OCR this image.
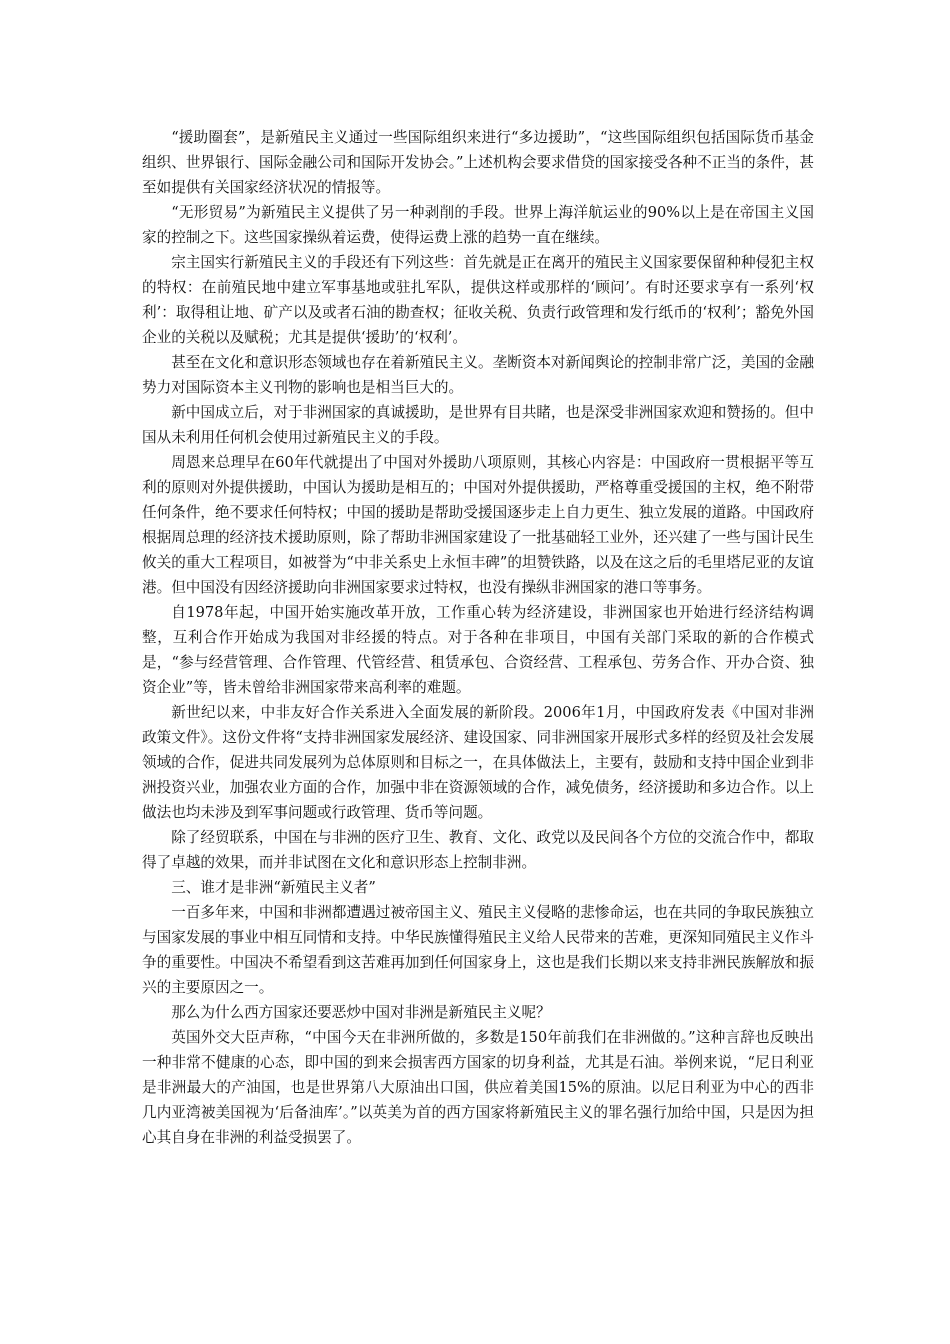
“援助圈套”，是新殖民主义通过一些国际组织来进行“多边援助”，“这些国际组织包括国际货币基金组织、世界银行、国际金融公司和国际开发协会。”上述机构会要求借贷的国家接受各种不正当的条件，甚至如提供有关国家经济状况的情报等。

“无形贸易”为新殖民主义提供了另一种剥削的手段。世界上海洋航运业的90%以上是在帝国主义国家的控制之下。这些国家操纵着运费，使得运费上涨的趋势一直在继续。

宗主国实行新殖民主义的手段还有下列这些：首先就是正在离开的殖民主义国家要保留种种侵犯主权的特权：在前殖民地中建立军事基地或驻扎军队，提供这样或那样的‘顾问’。有时还要求享有一系列‘权利’：取得租让地、矿产以及或者石油的勘查权；征收关税、负责行政管理和发行纸币的‘权利’；豁免外国企业的关税以及赋税；尤其是提供‘援助’的‘权利’。

甚至在文化和意识形态领域也存在着新殖民主义。垄断资本对新闻舆论的控制非常广泛，美国的金融势力对国际资本主义刊物的影响也是相当巨大的。

新中国成立后，对于非洲国家的真诚援助，是世界有目共睹，也是深受非洲国家欢迎和赞扬的。但中国从未利用任何机会使用过新殖民主义的手段。

周恩来总理早在60年代就提出了中国对外援助八项原则，其核心内容是：中国政府一贯根据平等互利的原则对外提供援助，中国认为援助是相互的；中国对外提供援助，严格尊重受援国的主权，绝不附带任何条件，绝不要求任何特权；中国的援助是帮助受援国逐步走上自力更生、独立发展的道路。中国政府根据周总理的经济技术援助原则，除了帮助非洲国家建设了一批基础轻工业外，还兴建了一些与国计民生攸关的重大工程项目，如被誉为“中非关系史上永恒丰碑”的坦赞铁路，以及在这之后的毛里塔尼亚的友谊港。但中国没有因经济援助向非洲国家要求过特权，也没有操纵非洲国家的港口等事务。

自1978年起，中国开始实施改革开放，工作重心转为经济建设，非洲国家也开始进行经济结构调整，互利合作开始成为我国对非经援的特点。对于各种在非项目，中国有关部门采取的新的合作模式是，“参与经营管理、合作管理、代管经营、租赁承包、合资经营、工程承包、劳务合作、开办合资、独资企业”等，皆未曾给非洲国家带来高利率的难题。

新世纪以来，中非友好合作关系进入全面发展的新阶段。2006年1月，中国政府发表《中国对非洲政策文件》。这份文件将“支持非洲国家发展经济、建设国家、同非洲国家开展形式多样的经贸及社会发展领域的合作，促进共同发展列为总体原则和目标之一，在具体做法上，主要有，鼓励和支持中国企业到非洲投资兴业，加强农业方面的合作，加强中非在资源领域的合作，减免债务，经济援助和多边合作。以上做法也均未涉及到军事问题或行政管理、货币等问题。

除了经贸联系，中国在与非洲的医疗卫生、教育、文化、政党以及民间各个方位的交流合作中，都取得了卓越的效果，而并非试图在文化和意识形态上控制非洲。

三、谁才是非洲“新殖民主义者”

一百多年来，中国和非洲都遭遇过被帝国主义、殖民主义侵略的悲惨命运，也在共同的争取民族独立与国家发展的事业中相互同情和支持。中华民族懂得殖民主义给人民带来的苦难，更深知同殖民主义作斗争的重要性。中国决不希望看到这苦难再加到任何国家身上，这也是我们长期以来支持非洲民族解放和振兴的主要原因之一。

那么为什么西方国家还要恶炒中国对非洲是新殖民主义呢？

英国外交大臣声称，“中国今天在非洲所做的，多数是150年前我们在非洲做的。”这种言辞也反映出一种非常不健康的心态，即中国的到来会损害西方国家的切身利益，尤其是石油。举例来说，“尼日利亚是非洲最大的产油国，也是世界第八大原油出口国，供应着美国15%的原油。以尼日利亚为中心的西非几内亚湾被美国视为‘后备油库’。”以英美为首的西方国家将新殖民主义的罪名强行加给中国，只是因为担心其自身在非洲的利益受损罢了。
